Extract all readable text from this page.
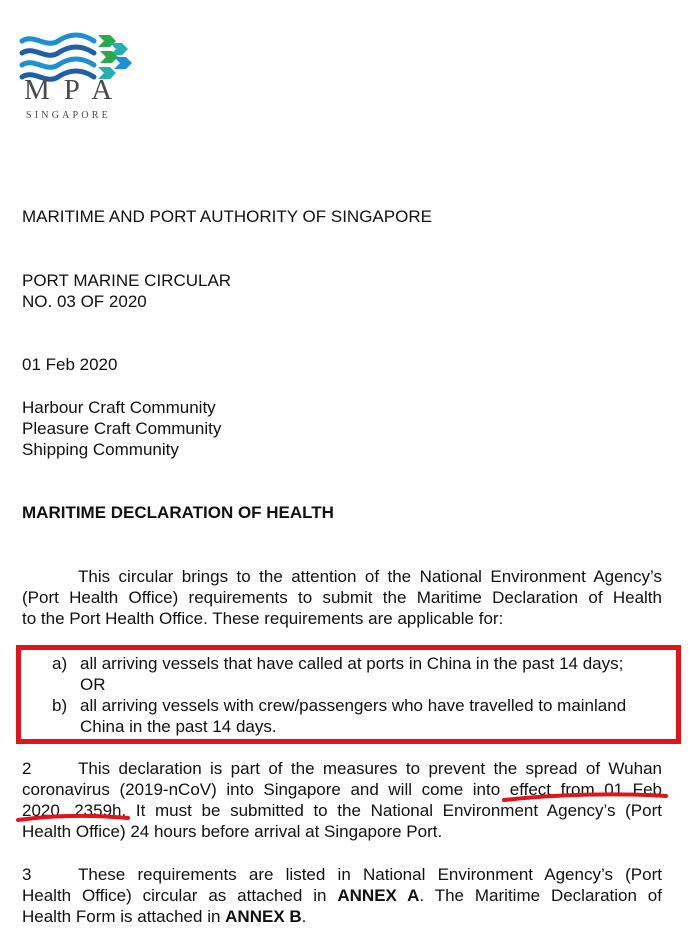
MPA
SINGAPORE
MARITIME AND PORT AUTHORITY OF SINGAPORE
PORT MARINE CIRCULAR
NO. 03 OF 2020
01 Feb 2020
Harbour Craft Community
Pleasure Craft Community
Shipping Community
MARITIME DECLARATION OF HEALTH
This circular brings to the attention of the National Environment Agency’s
(Port Health Office) requirements to submit the Maritime Declaration of Health
to the Port Health Office. These requirements are applicable for:
a) all arriving vessels that have called at ports in China in the past 14 days;
OR
b) all arriving vessels with crew/passengers who have travelled to mainland
China in the past 14 days.
2	This declaration is part of the measures to prevent the spread of Wuhan
coronavirus (2019-nCoV) into Singapore and will come into effect from 01 Feb
2020, 2359h. It must be submitted to the National Environment Agency’s (Port
Health Office) 24 hours before arrival at Singapore Port.
3	These requirements are listed in National Environment Agency’s (Port
Health Office) circular as attached in ANNEX A. The Maritime Declaration of
Health Form is attached in ANNEX B.
